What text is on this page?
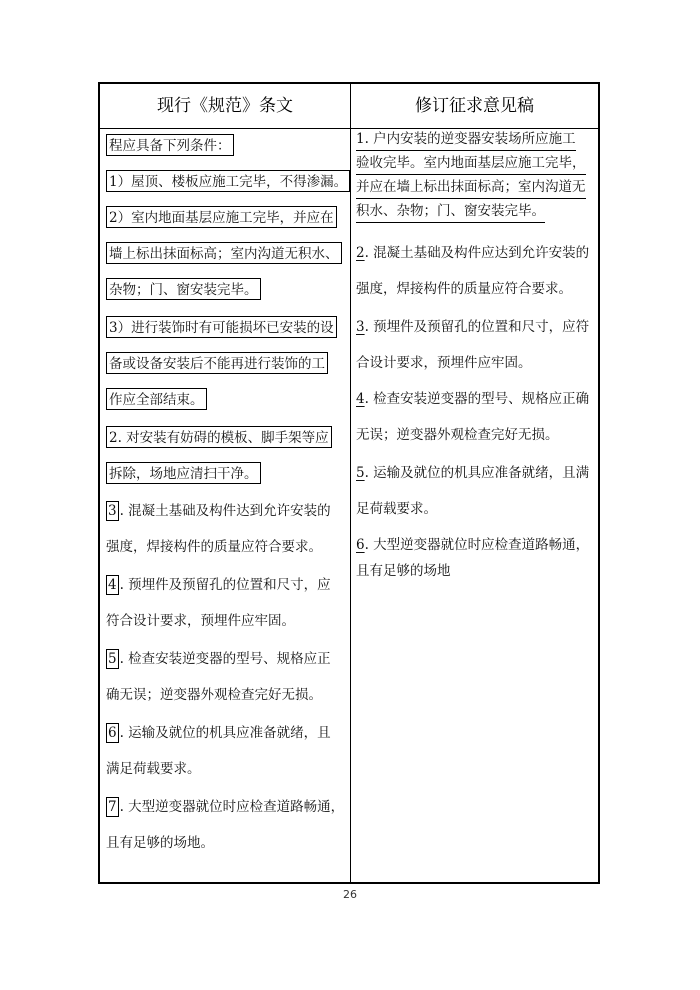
现行《规范》条文	修订征求意见稿
程应具备下列条件：
1）屋顶、楼板应施工完毕，不得渗漏。
2）室内地面基层应施工完毕，并应在
墙上标出抹面标高；室内沟道无积水、
杂物；门、窗安装完毕。
3）进行装饰时有可能损坏已安装的设
备或设备安装后不能再进行装饰的工
作应全部结束。
2. 对安装有妨碍的模板、脚手架等应
拆除，场地应清扫干净。
3 . 混凝土基础及构件达到允许安装的
强度，焊接构件的质量应符合要求。
4 . 预埋件及预留孔的位置和尺寸，应
符合设计要求，预埋件应牢固。
5 . 检查安装逆变器的型号、规格应正
确无误；逆变器外观检查完好无损。
6 . 运输及就位的机具应准备就绪，且
满足荷载要求。
7 . 大型逆变器就位时应检查道路畅通，
且有足够的场地。
1. 户内安装的逆变器安装场所应施工
验收完毕。室内地面基层应施工完毕，
并应在墙上标出抹面标高；室内沟道无
积水、杂物；门、窗安装完毕。
2. 混凝土基础及构件应达到允许安装的
强度，焊接构件的质量应符合要求。
3. 预埋件及预留孔的位置和尺寸，应符
合设计要求，预埋件应牢固。
4. 检查安装逆变器的型号、规格应正确
无误；逆变器外观检查完好无损。
5. 运输及就位的机具应准备就绪，且满
足荷载要求。
6. 大型逆变器就位时应检查道路畅通，
且有足够的场地
26
